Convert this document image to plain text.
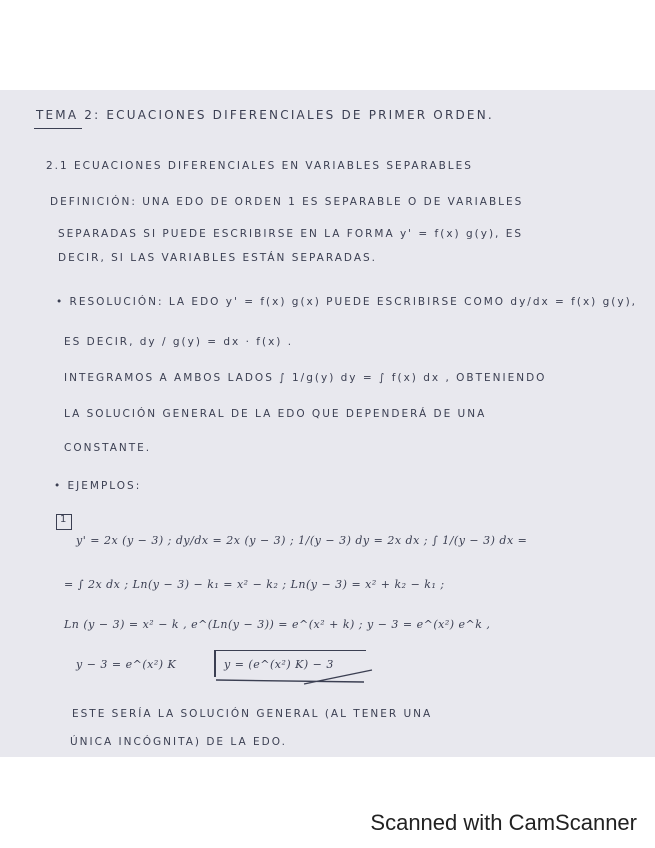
TEMA 2: ECUACIONES DIFERENCIALES DE PRIMER ORDEN.
2.1 ECUACIONES DIFERENCIALES EN VARIABLES SEPARABLES
DEFINICIÓN: UNA EDO DE ORDEN 1 ES SEPARABLE O DE VARIABLES
SEPARADAS SI PUEDE ESCRIBIRSE EN LA FORMA y' = f(x) g(y), ES
DECIR, SI LAS VARIABLES ESTÁN SEPARADAS.
• RESOLUCIÓN: LA EDO y' = f(x) g(x) PUEDE ESCRIBIRSE COMO dy/dx = f(x) g(y),
ES DECIR, dy / g(y) = dx · f(x) .
INTEGRAMOS A AMBOS LADOS ∫ 1/g(y) dy = ∫ f(x) dx , OBTENIENDO
LA SOLUCIÓN GENERAL DE LA EDO QUE DEPENDERÁ DE UNA
CONSTANTE.
• EJEMPLOS:
1
y' = 2x (y − 3) ; dy/dx = 2x (y − 3) ; 1/(y − 3) dy = 2x dx ; ∫ 1/(y − 3) dx =
= ∫ 2x dx ; Ln(y − 3) − k₁ = x² − k₂ ; Ln(y − 3) = x² + k₂ − k₁ ;
Ln (y − 3) = x² − k , e^(Ln(y − 3)) = e^(x² + k) ; y − 3 = e^(x²) e^k ,
y − 3 = e^(x²) K	y = (e^(x²) K) − 3
ESTE SERÍA LA SOLUCIÓN GENERAL (AL TENER UNA
ÚNICA INCÓGNITA) DE LA EDO.
Scanned with CamScanner
